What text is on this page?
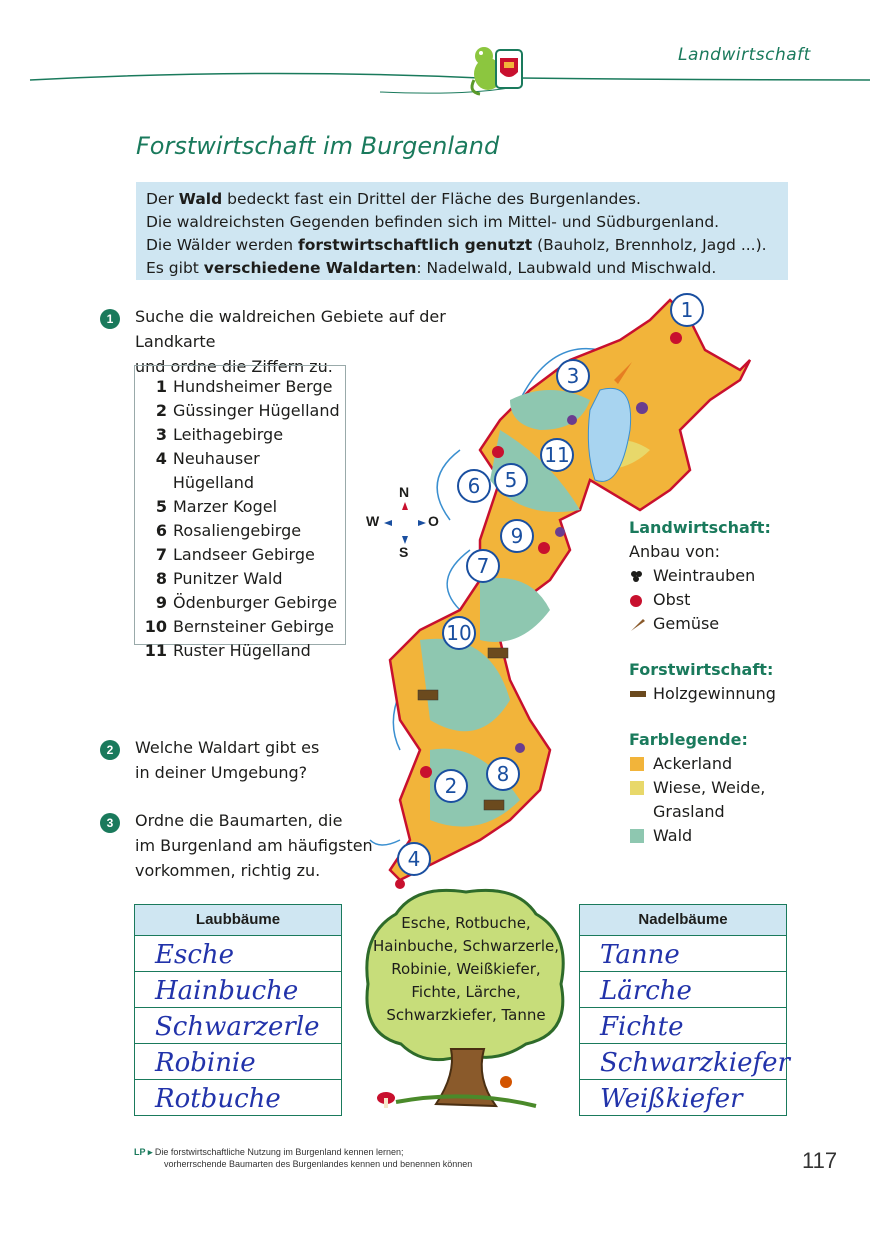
Landwirtschaft
Forstwirtschaft im Burgenland
Der Wald bedeckt fast ein Drittel der Fläche des Burgenlandes.
Die waldreichsten Gegenden befinden sich im Mittel- und Südburgenland.
Die Wälder werden forstwirtschaftlich genutzt (Bauholz, Brennholz, Jagd ...).
Es gibt verschiedene Waldarten: Nadelwald, Laubwald und Mischwald.
1	Suche die waldreichen Gebiete auf der Landkarte
und ordne die Ziffern zu.
1 Hundsheimer Berge
2 Güssinger Hügelland
3 Leithagebirge
4 Neuhauser Hügelland
5 Marzer Kogel
6 Rosaliengebirge
7 Landseer Gebirge
8 Punitzer Wald
9 Ödenburger Gebirge
10 Bernsteiner Gebirge
11 Ruster Hügelland
1
3
11
6	5
9
7
10
2	8
4
N
S
W	O	Landwirtschaft:
Anbau von:
Weintrauben
Obst
Gemüse
Forstwirtschaft:
Holzgewinnung
Farblegende:
Ackerland
Wiese, Weide,
Grasland
Wald
2	Welche Waldart gibt es
in deiner Umgebung?
3	Ordne die Baumarten, die
im Burgenland am häufigsten
vorkommen, richtig zu.
Laubbäume
Esche
Hainbuche
Schwarzerle
Robinie
Rotbuche
Esche, Rotbuche,
Hainbuche, Schwarzerle,
Robinie, Weißkiefer,
Fichte, Lärche,
Schwarzkiefer, Tanne
Nadelbäume
Tanne
Lärche
Fichte
Schwarzkiefer
Weißkiefer
LP ▸ Die forstwirtschaftliche Nutzung im Burgenland kennen lernen;
vorherrschende Baumarten des Burgenlandes kennen und benennen können	117
